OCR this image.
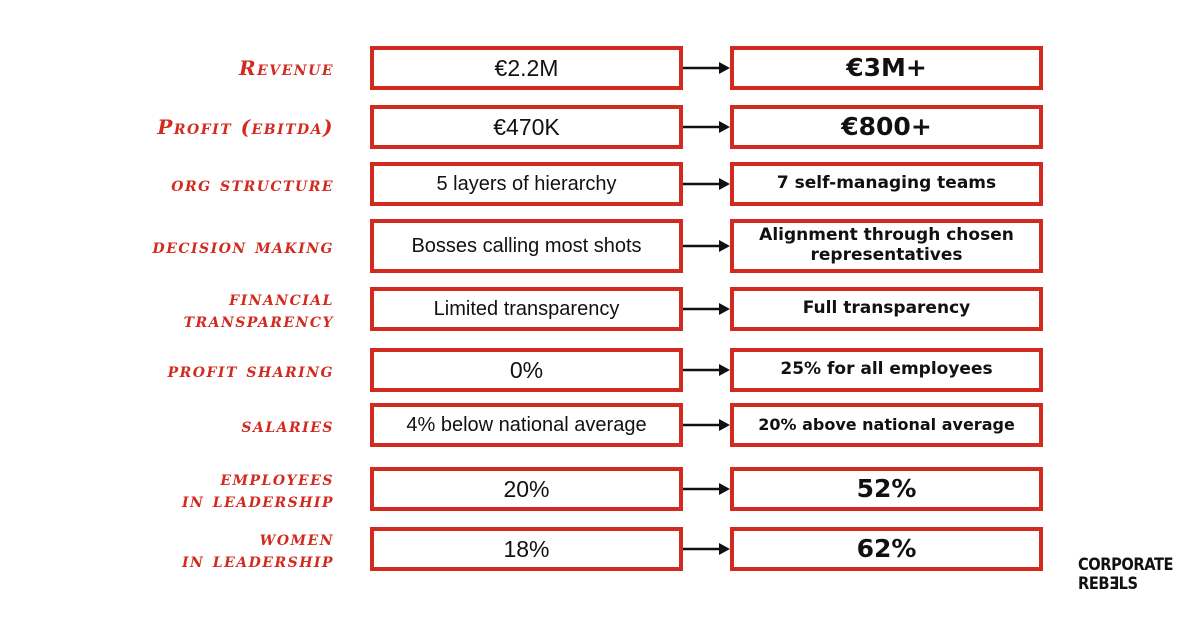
Revenue	€2.2M	€3M+
Profit (ebitda)	€470K	€800+
org structure	5 layers of hierarchy	7 self-managing teams
decision making	Bosses calling most shots	Alignment through chosen representatives
financial
transparency	Limited transparency	Full transparency
profit sharing	0%	25% for all employees
salaries	4% below national average	20% above national average
employees
in leadership	20%	52%
women
in leadership	18%	62%
CORPORATE
REBƎLS
